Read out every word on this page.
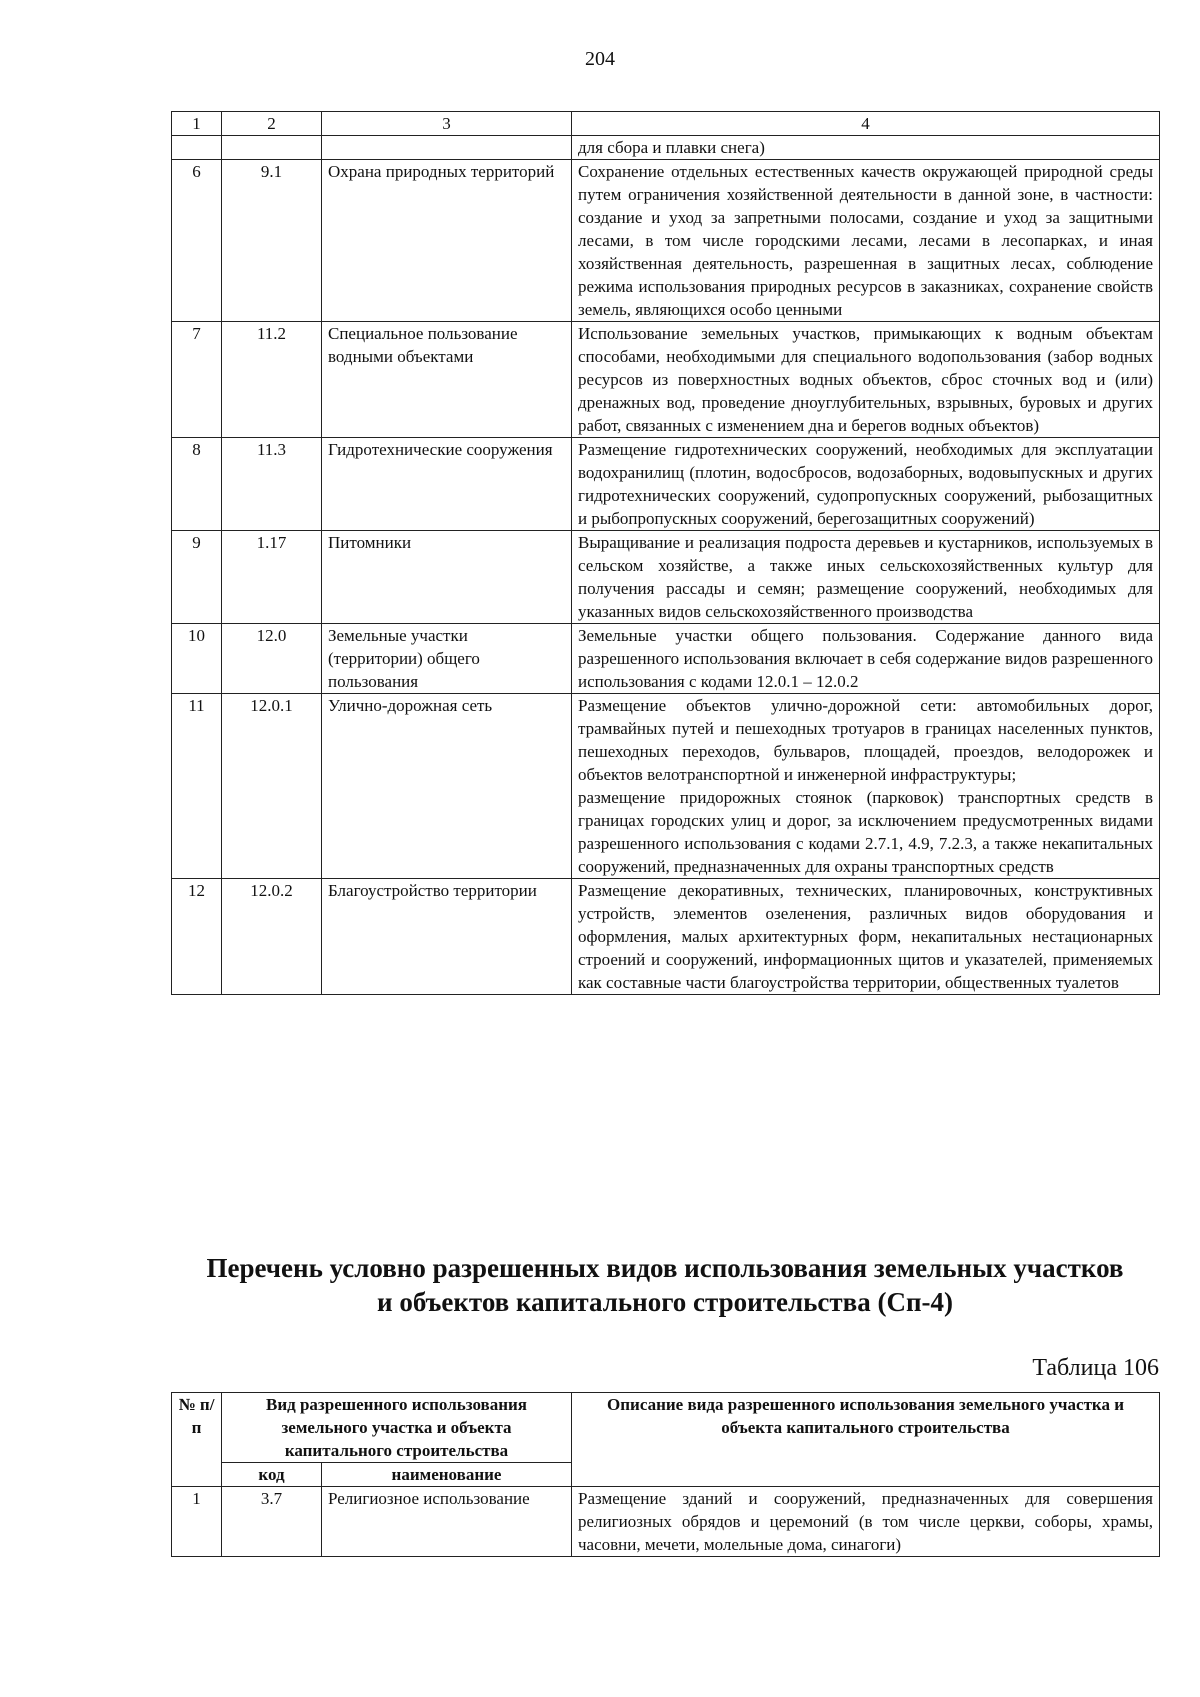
204
1	2	3	4
			для сбора и плавки снега)
6	9.1	Охрана природных территорий	Сохранение отдельных естественных качеств окружающей природной среды путем ограничения хозяйственной деятельности в данной зоне, в частности: создание и уход за запретными полосами, создание и уход за защитными лесами, в том числе городскими лесами, лесами в лесопарках, и иная хозяйственная деятельность, разрешенная в защитных лесах, соблюдение режима использования природных ресурсов в заказниках, сохранение свойств земель, являющихся особо ценными
7	11.2	Специальное пользование водными объектами	Использование земельных участков, примыкающих к водным объектам способами, необходимыми для специального водопользования (забор водных ресурсов из поверхностных водных объектов, сброс сточных вод и (или) дренажных вод, проведение дноуглубительных, взрывных, буровых и других работ, связанных с изменением дна и берегов водных объектов)
8	11.3	Гидротехнические сооружения	Размещение гидротехнических сооружений, необходимых для эксплуатации водохранилищ (плотин, водосбросов, водозаборных, водовыпускных и других гидротехнических сооружений, судопропускных сооружений, рыбозащитных и рыбопропускных сооружений, берегозащитных сооружений)
9	1.17	Питомники	Выращивание и реализация подроста деревьев и кустарников, используемых в сельском хозяйстве, а также иных сельскохозяйственных культур для получения рассады и семян; размещение сооружений, необходимых для указанных видов сельскохозяйственного производства
10	12.0	Земельные участки (территории) общего пользования	Земельные участки общего пользования. Содержание данного вида разрешенного использования включает в себя содержание видов разрешенного использования с кодами 12.0.1 – 12.0.2
11	12.0.1	Улично-дорожная сеть	Размещение объектов улично-дорожной сети: автомобильных дорог, трамвайных путей и пешеходных тротуаров в границах населенных пунктов, пешеходных переходов, бульваров, площадей, проездов, велодорожек и объектов велотранспортной и инженерной инфраструктуры;
размещение придорожных стоянок (парковок) транспортных средств в границах городских улиц и дорог, за исключением предусмотренных видами разрешенного использования с кодами 2.7.1, 4.9, 7.2.3, а также некапитальных сооружений, предназначенных для охраны транспортных средств

12	12.0.2	Благоустройство территории	Размещение декоративных, технических, планировочных, конструктивных устройств, элементов озеленения, различных видов оборудования и оформления, малых архитектурных форм, некапитальных нестационарных строений и сооружений, информационных щитов и указателей, применяемых как составные части благоустройства территории, общественных туалетов
Перечень условно разрешенных видов использования земельных участков
и объектов капитального строительства (Сп-4)
Таблица 106
№ п/п	Вид разрешенного использования земельного участка и объекта капитального строительства		Описание вида разрешенного использования земельного участка и объекта капитального строительства
	код	наименование	
1	3.7	Религиозное использование	Размещение зданий и сооружений, предназначенных для совершения религиозных обрядов и церемоний (в том числе церкви, соборы, храмы, часовни, мечети, молельные дома, синагоги)
